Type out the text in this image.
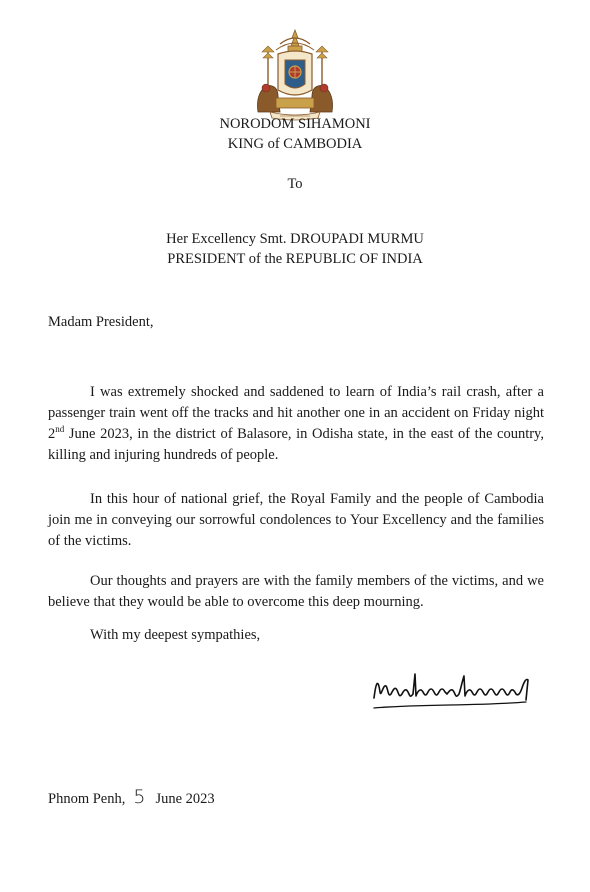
NORODOM SIHAMONI
KING of CAMBODIA
To
Her Excellency Smt. DROUPADI MURMU
PRESIDENT of the REPUBLIC OF INDIA
Madam President,

I was extremely shocked and saddened to learn of India’s rail crash, after a passenger train went off the tracks and hit another one in an accident on Friday night 2nd June 2023, in the district of Balasore, in Odisha state, in the east of the country, killing and injuring hundreds of people.

In this hour of national grief, the Royal Family and the people of Cambodia join me in conveying our sorrowful condolences to Your Excellency and the families of the victims.

Our thoughts and prayers are with the family members of the victims, and we believe that they would be able to overcome this deep mourning.

With my deepest sympathies,
Phnom Penh, 5 June 2023
